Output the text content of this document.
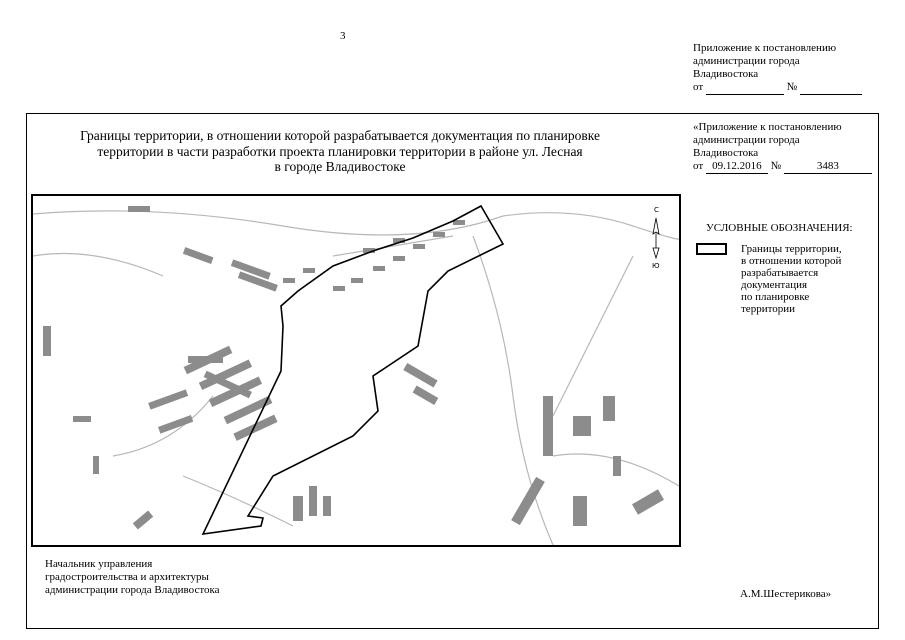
3
Приложение к постановлению
администрации города
Владивостока
от	№
Границы территории, в отношении которой разрабатывается документация по планировке
территории в части разработки проекта планировки территории в районе ул. Лесная
в городе Владивостоке
«Приложение к постановлению
администрации города
Владивостока
от 09.12.2016 №	3483
С
Ю
УСЛОВНЫЕ ОБОЗНАЧЕНИЯ:
Границы территории,
в отношении которой
разрабатывается
документация
по планировке
территории
Начальник управления
градостроительства и архитектуры
администрации города Владивостока	А.М.Шестерикова»
